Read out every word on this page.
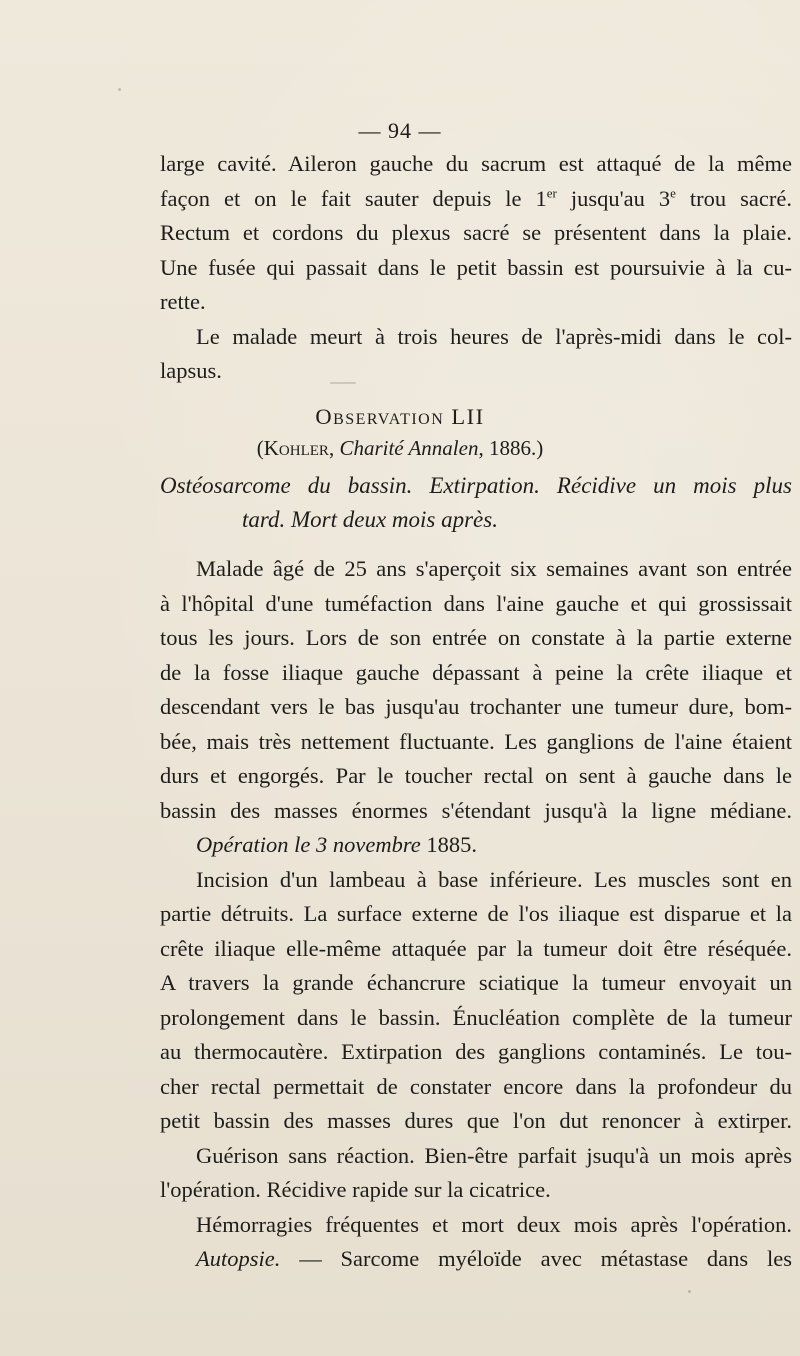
— 94 —
large cavité. Aileron gauche du sacrum est attaqué de la même
façon et on le fait sauter depuis le 1er jusqu'au 3e trou sacré.
Rectum et cordons du plexus sacré se présentent dans la plaie.
Une fusée qui passait dans le petit bassin est poursuivie à la cu-
rette.
Le malade meurt à trois heures de l'après-midi dans le col-
lapsus.
Observation LII
(Kohler, Charité Annalen, 1886.)
Ostéosarcome du bassin. Extirpation. Récidive un mois plus
tard. Mort deux mois après.
Malade âgé de 25 ans s'aperçoit six semaines avant son entrée
à l'hôpital d'une tuméfaction dans l'aine gauche et qui grossissait
tous les jours. Lors de son entrée on constate à la partie externe
de la fosse iliaque gauche dépassant à peine la crête iliaque et
descendant vers le bas jusqu'au trochanter une tumeur dure, bom-
bée, mais très nettement fluctuante. Les ganglions de l'aine étaient
durs et engorgés. Par le toucher rectal on sent à gauche dans le
bassin des masses énormes s'étendant jusqu'à la ligne médiane.
Opération le 3 novembre 1885.
Incision d'un lambeau à base inférieure. Les muscles sont en
partie détruits. La surface externe de l'os iliaque est disparue et la
crête iliaque elle-même attaquée par la tumeur doit être réséquée.
A travers la grande échancrure sciatique la tumeur envoyait un
prolongement dans le bassin. Énucléation complète de la tumeur
au thermocautère. Extirpation des ganglions contaminés. Le tou-
cher rectal permettait de constater encore dans la profondeur du
petit bassin des masses dures que l'on dut renoncer à extirper.
Guérison sans réaction. Bien-être parfait jsuqu'à un mois après
l'opération. Récidive rapide sur la cicatrice.
Hémorragies fréquentes et mort deux mois après l'opération.
Autopsie. — Sarcome myéloïde avec métastase dans les
